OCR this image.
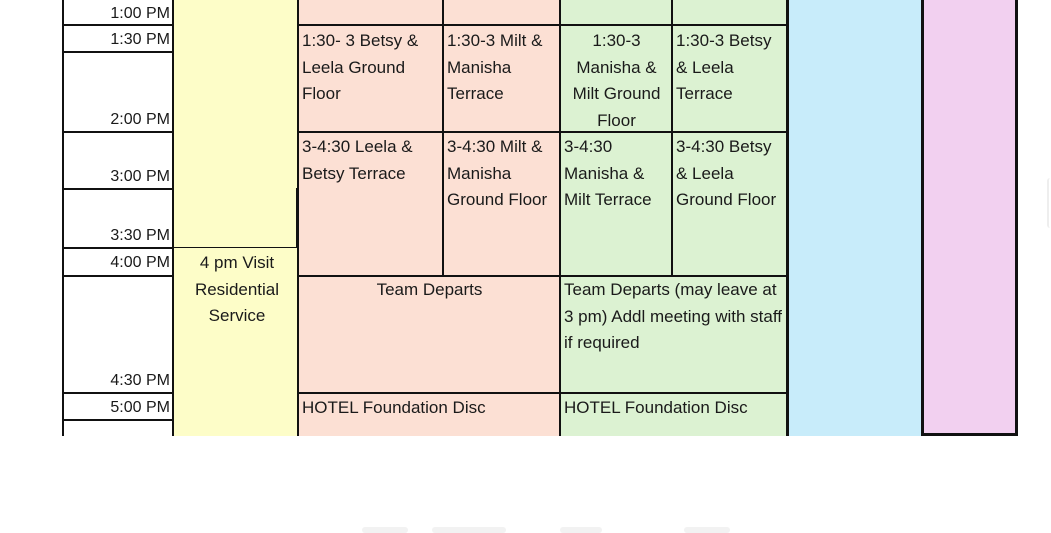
1:00 PM
1:30 PM
2:00 PM
3:00 PM
3:30 PM
4:00 PM
4:30 PM
5:00 PM
1:30- 3 Betsy & Leela Ground Floor
1:30-3 Milt & Manisha Terrace
3-4:30 Leela & Betsy Terrace
3-4:30 Milt & Manisha Ground Floor
Team Departs
HOTEL Foundation Disc
1:30-3 Manisha & Milt Ground Floor
1:30-3 Betsy & Leela Terrace
3-4:30 Manisha & Milt Terrace
3-4:30 Betsy & Leela Ground Floor
Team Departs (may leave at 3 pm) Addl meeting with staff if required
HOTEL Foundation Disc
4 pm Visit Residential Service
